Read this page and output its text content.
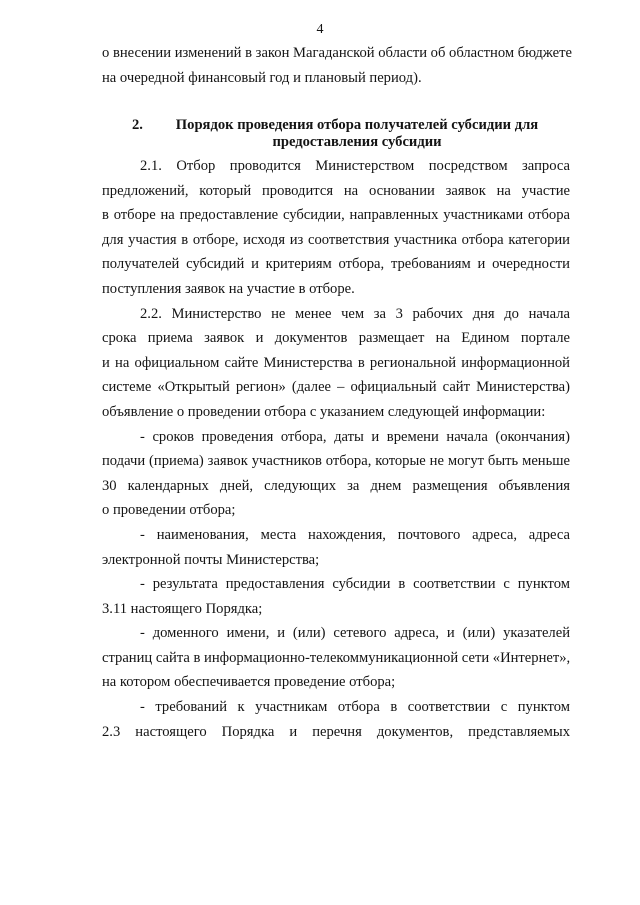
4

о внесении изменений в закон Магаданской области об областном бюджете
на очередной финансовый год и плановый период).

2.	Порядок проведения отбора получателей субсидии для
предоставления субсидии

2.1. Отбор проводится Министерством посредством запроса
предложений, который проводится на основании заявок на участие
в отборе на предоставление субсидии, направленных участниками отбора
для участия в отборе, исходя из соответствия участника отбора категории
получателей субсидий и критериям отбора, требованиям и очередности
поступления заявок на участие в отборе.

2.2. Министерство не менее чем за 3 рабочих дня до начала
срока приема заявок и документов размещает на Едином портале
и на официальном сайте Министерства в региональной информационной
системе «Открытый регион» (далее – официальный сайт Министерства)
объявление о проведении отбора с указанием следующей информации:

- сроков проведения отбора, даты и времени начала (окончания)
подачи (приема) заявок участников отбора, которые не могут быть меньше
30 календарных дней, следующих за днем размещения объявления
о проведении отбора;

- наименования, места нахождения, почтового адреса, адреса
электронной почты Министерства;

- результата предоставления субсидии в соответствии с пунктом
3.11 настоящего Порядка;

- доменного имени, и (или) сетевого адреса, и (или) указателей
страниц сайта в информационно-телекоммуникационной сети «Интернет»,
на котором обеспечивается проведение отбора;

- требований к участникам отбора в соответствии с пунктом
2.3 настоящего Порядка и перечня документов, представляемых
